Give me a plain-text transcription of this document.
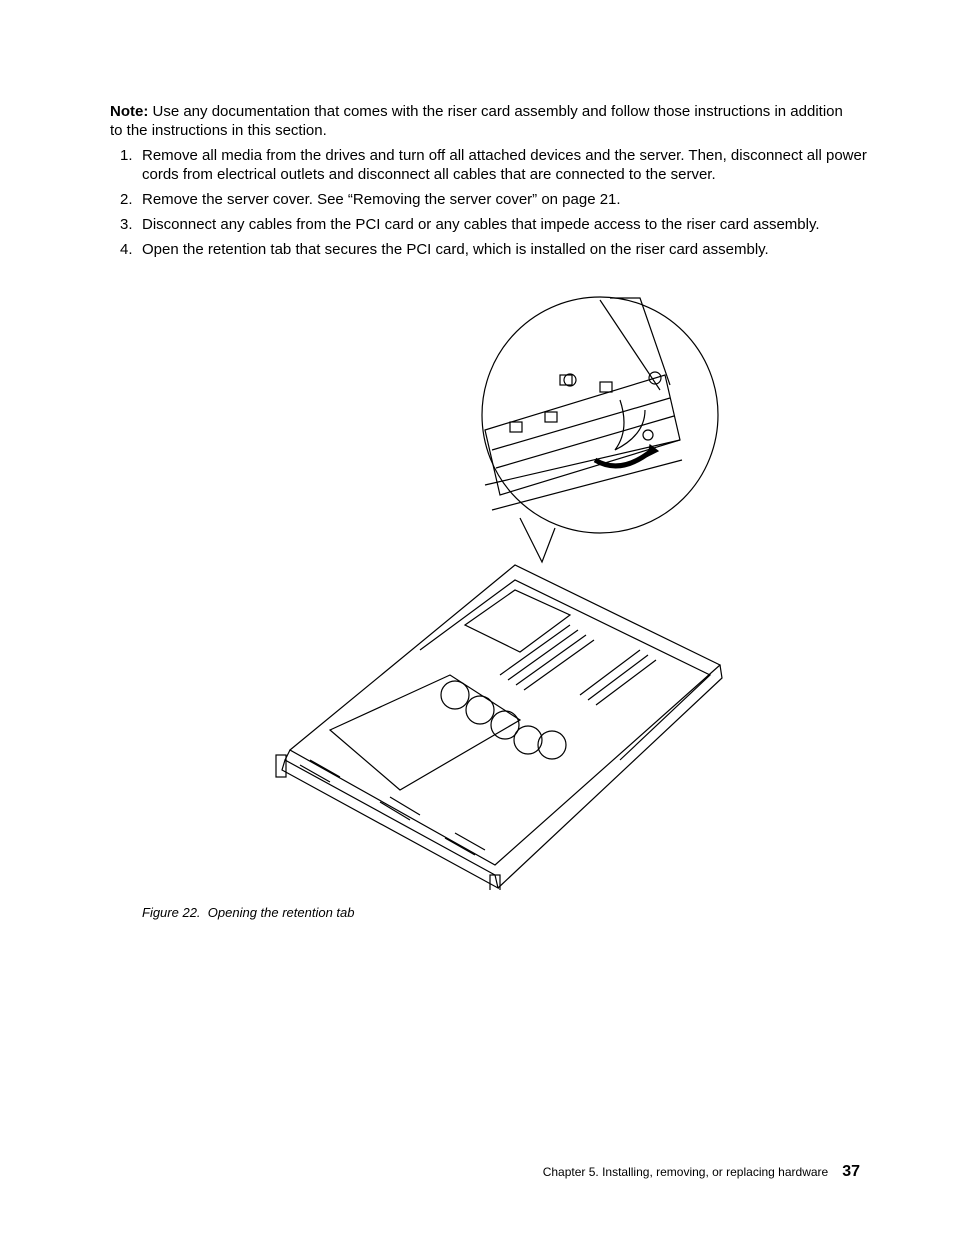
Note: Use any documentation that comes with the riser card assembly and follow those instructions in addition to the instructions in this section.
1. Remove all media from the drives and turn off all attached devices and the server. Then, disconnect all power cords from electrical outlets and disconnect all cables that are connected to the server.
2. Remove the server cover. See “Removing the server cover” on page 21.
3. Disconnect any cables from the PCI card or any cables that impede access to the riser card assembly.
4. Open the retention tab that secures the PCI card, which is installed on the riser card assembly.
Figure 22. Opening the retention tab
Chapter 5. Installing, removing, or replacing hardware 37
